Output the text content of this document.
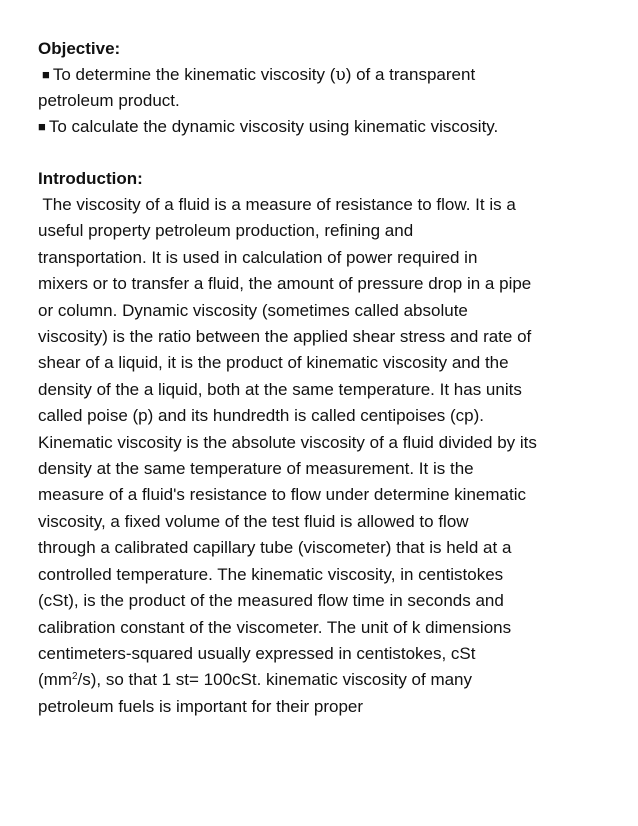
Objective:

■ To determine the kinematic viscosity (υ) of a transparent

petroleum product.

■ To calculate the dynamic viscosity using kinematic viscosity.

Introduction:

The viscosity of a fluid is a measure of resistance to flow. It is a
useful property petroleum production, refining and
transportation. It is used in calculation of power required in
mixers or to transfer a fluid, the amount of pressure drop in a pipe
or column. Dynamic viscosity (sometimes called absolute
viscosity) is the ratio between the applied shear stress and rate of
shear of a liquid, it is the product of kinematic viscosity and the
density of the a liquid, both at the same temperature. It has units
called poise (p) and its hundredth is called centipoises (cp).
Kinematic viscosity is the absolute viscosity of a fluid divided by its
density at the same temperature of measurement. It is the
measure of a fluid's resistance to flow under determine kinematic
viscosity, a fixed volume of the test fluid is allowed to flow
through a calibrated capillary tube (viscometer) that is held at a
controlled temperature. The kinematic viscosity, in centistokes
(cSt), is the product of the measured flow time in seconds and
calibration constant of the viscometer. The unit of k dimensions
centimeters-squared usually expressed in centistokes, cSt
$(mm^2/s)$, so that 1 st= 100cSt. kinematic viscosity of many
petroleum fuels is important for their proper
